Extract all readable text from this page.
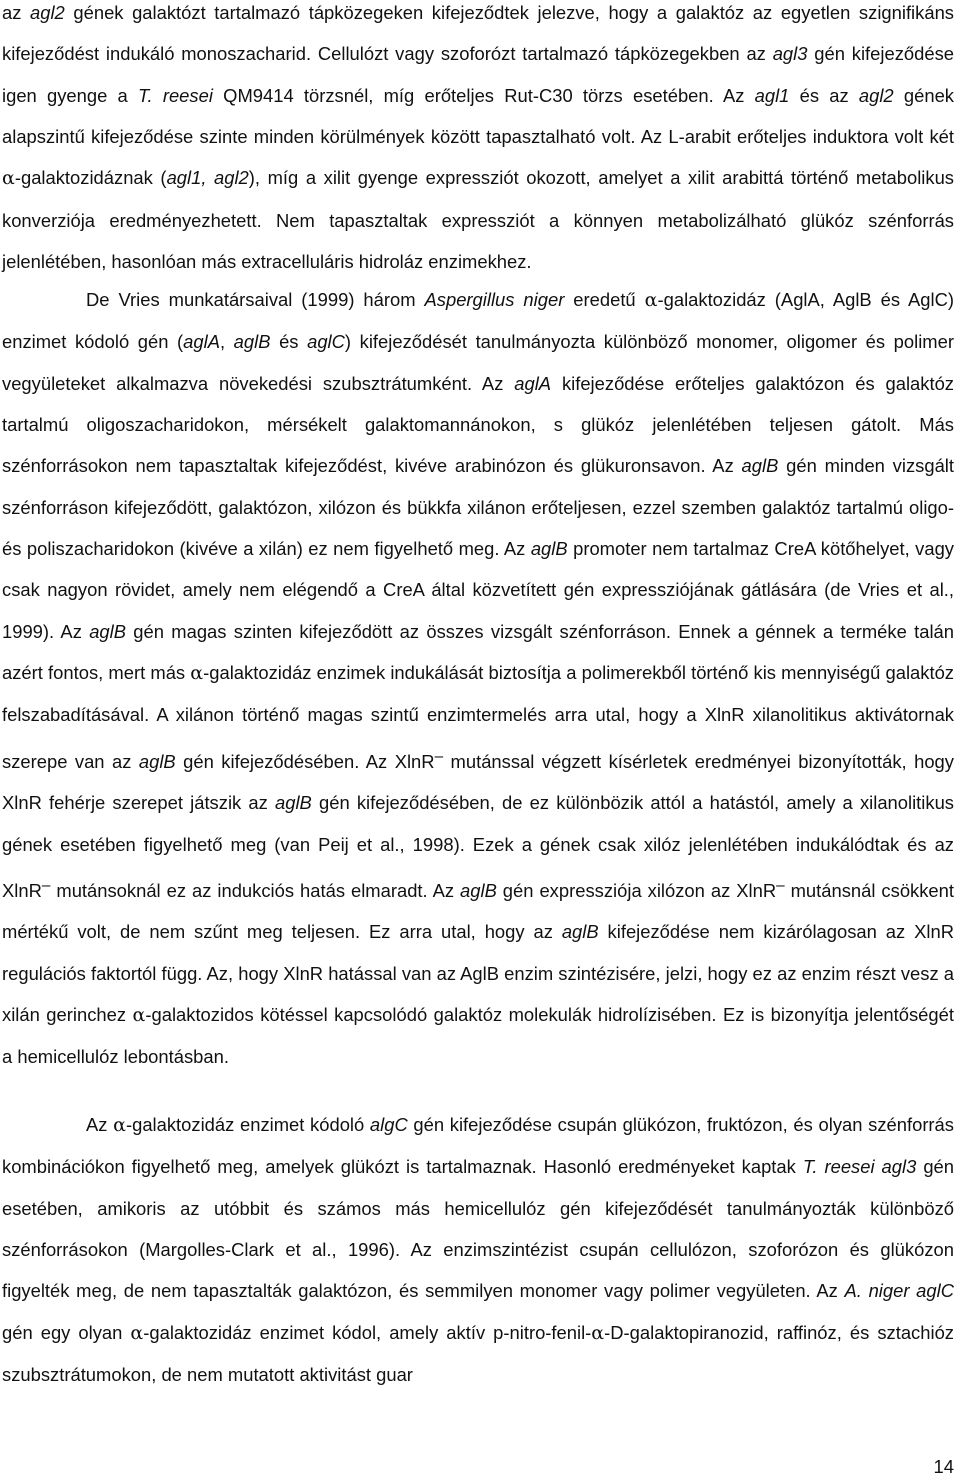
az agl2 gének galaktózt tartalmazó tápközegeken kifejeződtek jelezve, hogy a galaktóz az egyetlen szignifikáns kifejeződést indukáló monoszacharid. Cellulózt vagy szoforózt tartalmazó tápközegekben az agl3 gén kifejeződése igen gyenge a T. reesei QM9414 törzsnél, míg erőteljes Rut-C30 törzs esetében. Az agl1 és az agl2 gének alapszintű kifejeződése szinte minden körülmények között tapasztalható volt. Az L-arabit erőteljes induktora volt két α-galaktozidáznak (agl1, agl2), míg a xilit gyenge expressziót okozott, amelyet a xilit arabittá történő metabolikus konverziója eredményezhetett. Nem tapasztaltak expressziót a könnyen metabolizálható glükóz szénforrás jelenlétében, hasonlóan más extracelluláris hidroláz enzimekhez.

De Vries munkatársaival (1999) három Aspergillus niger eredetű α-galaktozidáz (AglA, AglB és AglC) enzimet kódoló gén (aglA, aglB és aglC) kifejeződését tanulmányozta különböző monomer, oligomer és polimer vegyületeket alkalmazva növekedési szubsztrátumként. Az aglA kifejeződése erőteljes galaktózon és galaktóz tartalmú oligoszacharidokon, mérsékelt galaktomannánokon, s glükóz jelenlétében teljesen gátolt. Más szénforrásokon nem tapasztaltak kifejeződést, kivéve arabinózon és glükuronsavon. Az aglB gén minden vizsgált szénforráson kifejeződött, galaktózon, xilózon és bükkfa xilánon erőteljesen, ezzel szemben galaktóz tartalmú oligo- és poliszacharidokon (kivéve a xilán) ez nem figyelhető meg. Az aglB promoter nem tartalmaz CreA kötőhelyet, vagy csak nagyon rövidet, amely nem elégendő a CreA által közvetített gén expressziójának gátlására (de Vries et al., 1999). Az aglB gén magas szinten kifejeződött az összes vizsgált szénforráson. Ennek a génnek a terméke talán azért fontos, mert más α-galaktozidáz enzimek indukálását biztosítja a polimerekből történő kis mennyiségű galaktóz felszabadításával. A xilánon történő magas szintű enzimtermelés arra utal, hogy a XlnR xilanolitikus aktivátornak szerepe van az aglB gén kifejeződésében. Az XlnR– mutánssal végzett kísérletek eredményei bizonyították, hogy XlnR fehérje szerepet játszik az aglB gén kifejeződésében, de ez különbözik attól a hatástól, amely a xilanolitikus gének esetében figyelhető meg (van Peij et al., 1998). Ezek a gének csak xilóz jelenlétében indukálódtak és az XlnR– mutánsoknál ez az indukciós hatás elmaradt. Az aglB gén expressziója xilózon az XlnR– mutánsnál csökkent mértékű volt, de nem szűnt meg teljesen. Ez arra utal, hogy az aglB kifejeződése nem kizárólagosan az XlnR regulációs faktortól függ. Az, hogy XlnR hatással van az AglB enzim szintézisére, jelzi, hogy ez az enzim részt vesz a xilán gerinchez α-galaktozidos kötéssel kapcsolódó galaktóz molekulák hidrolízisében. Ez is bizonyítja jelentőségét a hemicellulóz lebontásban.

Az α-galaktozidáz enzimet kódoló algC gén kifejeződése csupán glükózon, fruktózon, és olyan szénforrás kombinációkon figyelhető meg, amelyek glükózt is tartalmaznak. Hasonló eredményeket kaptak T. reesei agl3 gén esetében, amikoris az utóbbit és számos más hemicellulóz gén kifejeződését tanulmányozták különböző szénforrásokon (Margolles-Clark et al., 1996). Az enzimszintézist csupán cellulózon, szoforózon és glükózon figyelték meg, de nem tapasztalták galaktózon, és semmilyen monomer vagy polimer vegyületen. Az A. niger aglC gén egy olyan α-galaktozidáz enzimet kódol, amely aktív p-nitro-fenil-α-D-galaktopiranozid, raffinóz, és sztachióz szubsztrátumokon, de nem mutatott aktivitást guar

14
